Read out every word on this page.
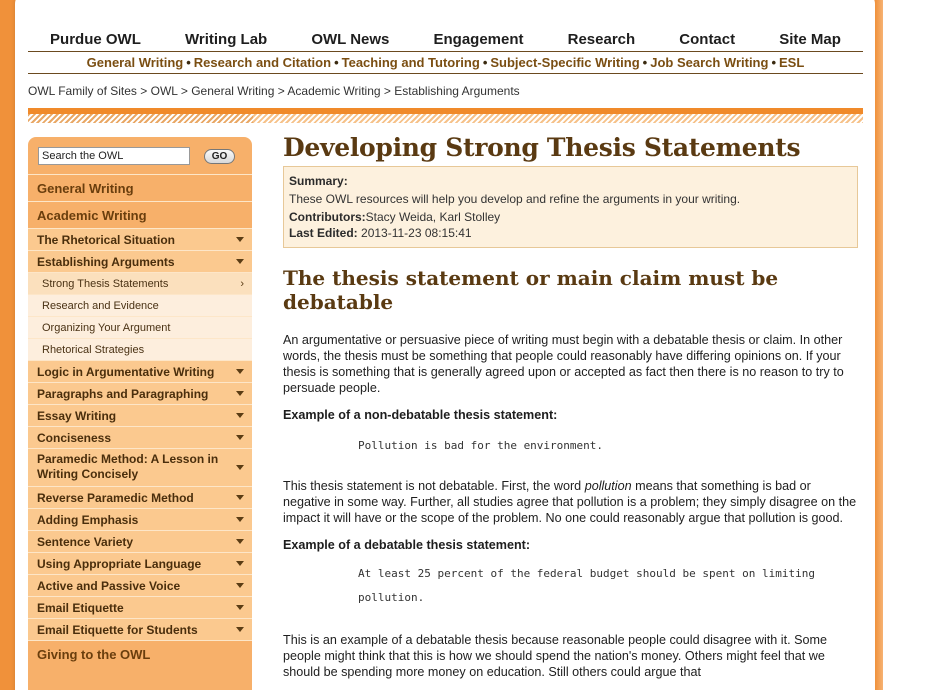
Purdue OWL	Writing Lab	OWL News	Engagement	Research	Contact	Site Map
General Writing • Research and Citation • Teaching and Tutoring • Subject-Specific Writing • Job Search Writing • ESL
OWL Family of Sites > OWL > General Writing > Academic Writing > Establishing Arguments
Search the OWL
GO
General Writing
Academic Writing
The Rhetorical Situation
Establishing Arguments
Strong Thesis Statements	›
Research and Evidence
Organizing Your Argument
Rhetorical Strategies
Logic in Argumentative Writing
Paragraphs and Paragraphing
Essay Writing
Conciseness
Paramedic Method: A Lesson in Writing Concisely
Reverse Paramedic Method
Adding Emphasis
Sentence Variety
Using Appropriate Language
Active and Passive Voice
Email Etiquette
Email Etiquette for Students
Giving to the OWL
Developing Strong Thesis Statements
Summary:
These OWL resources will help you develop and refine the arguments in your writing.
Contributors:Stacy Weida, Karl Stolley
Last Edited: 2013-11-23 08:15:41
The thesis statement or main claim must be debatable

An argumentative or persuasive piece of writing must begin with a debatable thesis or claim. In other words, the thesis must be something that people could reasonably have differing opinions on. If your thesis is something that is generally agreed upon or accepted as fact then there is no reason to try to persuade people.

Example of a non-debatable thesis statement:

Pollution is bad for the environment.

This thesis statement is not debatable. First, the word pollution means that something is bad or negative in some way. Further, all studies agree that pollution is a problem; they simply disagree on the impact it will have or the scope of the problem. No one could reasonably argue that pollution is good.

Example of a debatable thesis statement:

At least 25 percent of the federal budget should be spent on limiting pollution.

This is an example of a debatable thesis because reasonable people could disagree with it. Some people might think that this is how we should spend the nation's money. Others might feel that we should be spending more money on education. Still others could argue that
